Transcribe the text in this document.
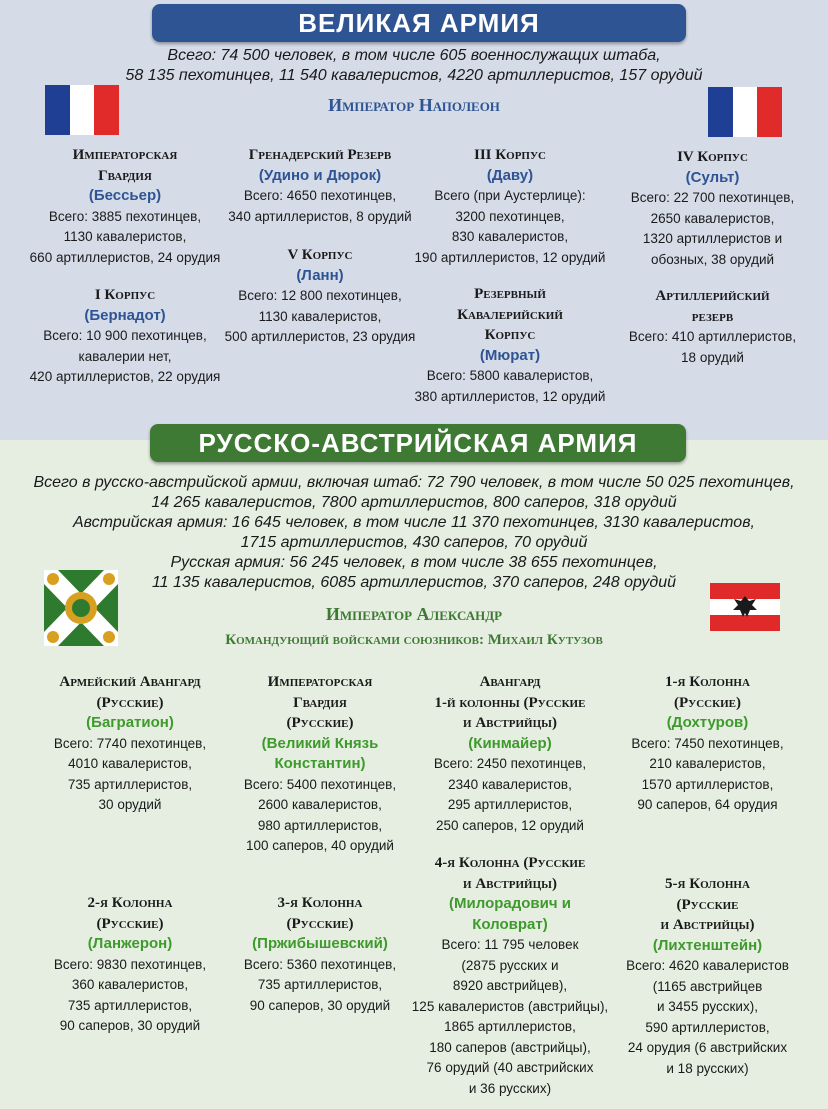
ВЕЛИКАЯ АРМИЯ

Всего: 74 500 человек, в том числе 605 военнослужащих штаба,

58 135 пехотинцев, 11 540 кавалеристов, 4220 артиллеристов, 157 орудий

Император Наполеон
Императорская
Гвардия
(Бессьер)
Всего: 3885 пехотинцев,
1130 кавалеристов,
660 артиллеристов, 24 орудия
I Корпус
(Бернадот)
Всего: 10 900 пехотинцев,
кавалерии нет,
420 артиллеристов, 22 орудия
Гренадерский Резерв
(Удино и Дюрок)
Всего: 4650 пехотинцев,
340 артиллеристов, 8 орудий
V Корпус
(Ланн)
Всего: 12 800 пехотинцев,
1130 кавалеристов,
500 артиллеристов, 23 орудия
III Корпус
(Даву)
Всего (при Аустерлице):
3200 пехотинцев,
830 кавалеристов,
190 артиллеристов, 12 орудий
Резервный
Кавалерийский
Корпус
(Мюрат)
Всего: 5800 кавалеристов,
380 артиллеристов, 12 орудий
IV Корпус
(Сульт)
Всего: 22 700 пехотинцев,
2650 кавалеристов,
1320 артиллеристов и
обозных, 38 орудий
Артиллерийский
резерв
Всего: 410 артиллеристов,
18 орудий
РУССКО-АВСТРИЙСКАЯ АРМИЯ

Всего в русско-австрийской армии, включая штаб: 72 790 человек, в том числе 50 025 пехотинцев,

14 265 кавалеристов, 7800 артиллеристов, 800 саперов, 318 орудий

Австрийская армия: 16 645 человек, в том числе 11 370 пехотинцев, 3130 кавалеристов,

1715 артиллеристов, 430 саперов, 70 орудий

Русская армия: 56 245 человек, в том числе 38 655 пехотинцев,

11 135 кавалеристов, 6085 артиллеристов, 370 саперов, 248 орудий

Император Александр
Командующий войсками союзников: Михаил Кутузов
Армейский Авангард
(Русские)
(Багратион)
Всего: 7740 пехотинцев,
4010 кавалеристов,
735 артиллеристов,
30 орудий
Императорская
Гвардия
(Русские)
(Великий Князь
Константин)
Всего: 5400 пехотинцев,
2600 кавалеристов,
980 артиллеристов,
100 саперов, 40 орудий
Авангард
1-й колонны (Русские
и Австрийцы)
(Кинмайер)
Всего: 2450 пехотинцев,
2340 кавалеристов,
295 артиллеристов,
250 саперов, 12 орудий
1-я Колонна
(Русские)
(Дохтуров)
Всего: 7450 пехотинцев,
210 кавалеристов,
1570 артиллеристов,
90 саперов, 64 орудия
2-я Колонна
(Русские)
(Ланжерон)
Всего: 9830 пехотинцев,
360 кавалеристов,
735 артиллеристов,
90 саперов, 30 орудий
3-я Колонна
(Русские)
(Пржибышевский)
Всего: 5360 пехотинцев,
735 артиллеристов,
90 саперов, 30 орудий
4-я Колонна (Русские
и Австрийцы)
(Милорадович и
Коловрат)
Всего: 11 795 человек
(2875 русских и
8920 австрийцев),
125 кавалеристов (австрийцы),
1865 артиллеристов,
180 саперов (австрийцы),
76 орудий (40 австрийских
и 36 русских)
5-я Колонна
(Русские
и Австрийцы)
(Лихтенштейн)
Всего: 4620 кавалеристов
(1165 австрийцев
и 3455 русских),
590 артиллеристов,
24 орудия (6 австрийских
и 18 русских)
